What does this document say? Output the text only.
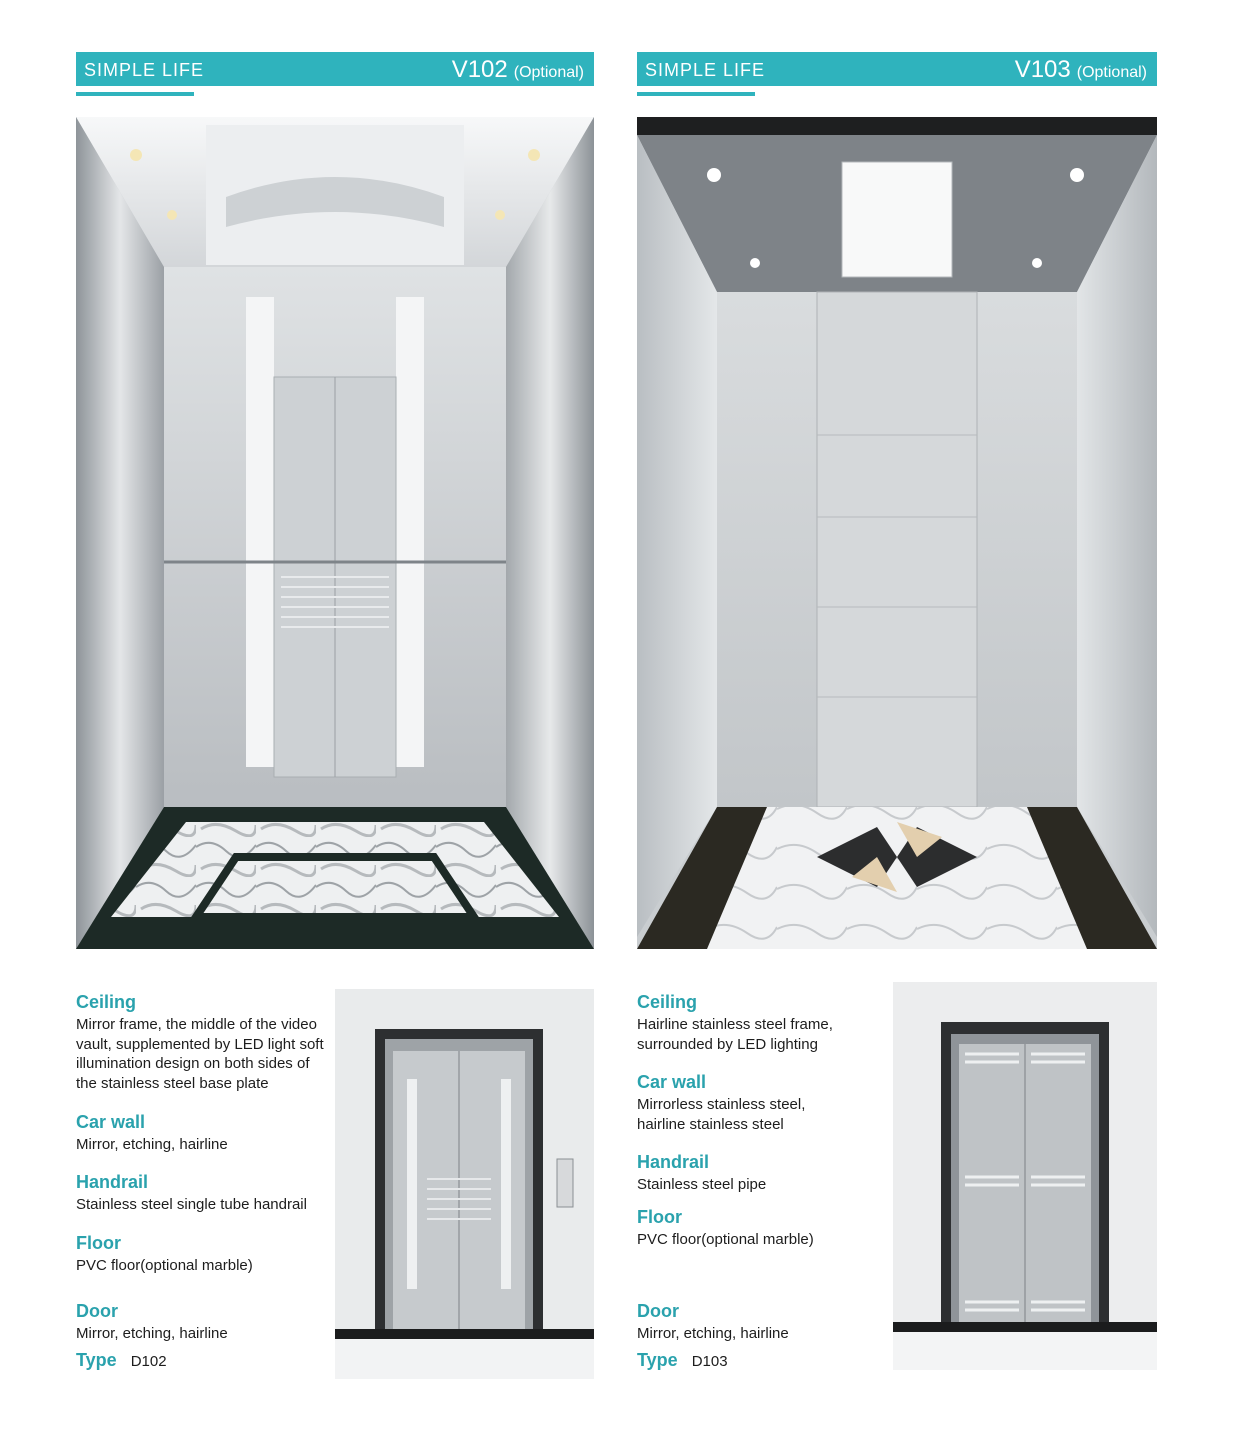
SIMPLE LIFE	V102 (Optional)
Ceiling

Mirror frame, the middle of the video
vault, supplemented by LED light soft
illumination design on both sides of
the stainless steel base plate

Car wall

Mirror, etching, hairline

Handrail

Stainless steel single tube handrail

Floor

PVC floor(optional marble)

Door

Mirror, etching, hairline

Type D102
SIMPLE LIFE	V103 (Optional)
Ceiling

Hairline stainless steel frame,
surrounded by LED lighting

Car wall

Mirrorless stainless steel,
hairline stainless steel

Handrail

Stainless steel pipe

Floor

PVC floor(optional marble)

Door

Mirror, etching, hairline

Type D103
